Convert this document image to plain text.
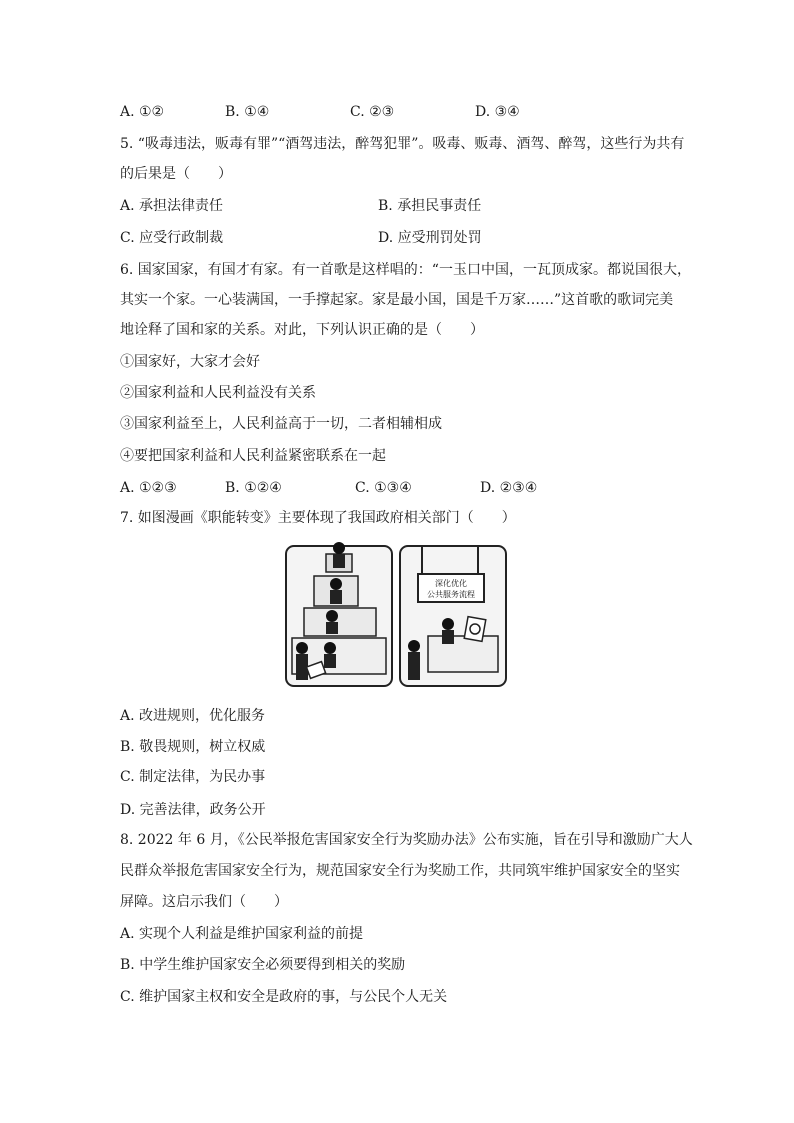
A. ①②	B. ①④	C. ②③	D. ③④
5. “吸毒违法，贩毒有罪”“酒驾违法，醉驾犯罪”。吸毒、贩毒、酒驾、醉驾，这些行为共有
的后果是（　　）
A. 承担法律责任	B. 承担民事责任
C. 应受行政制裁	D. 应受刑罚处罚
6. 国家国家，有国才有家。有一首歌是这样唱的：“一玉口中国，一瓦顶成家。都说国很大，
其实一个家。一心装满国，一手撑起家。家是最小国，国是千万家……”这首歌的歌词完美
地诠释了国和家的关系。对此，下列认识正确的是（　　）
①国家好，大家才会好
②国家利益和人民利益没有关系
③国家利益至上，人民利益高于一切，二者相辅相成
④要把国家利益和人民利益紧密联系在一起
A. ①②③	B. ①②④	C. ①③④	D. ②③④
7. 如图漫画《职能转变》主要体现了我国政府相关部门（　　）
深化优化
公共服务流程
A. 改进规则，优化服务
B. 敬畏规则，树立权威
C. 制定法律，为民办事
D. 完善法律，政务公开
8. 2022 年 6 月，《公民举报危害国家安全行为奖励办法》公布实施，旨在引导和激励广大人
民群众举报危害国家安全行为，规范国家安全行为奖励工作，共同筑牢维护国家安全的坚实
屏障。这启示我们（　　）
A. 实现个人利益是维护国家利益的前提
B. 中学生维护国家安全必须要得到相关的奖励
C. 维护国家主权和安全是政府的事，与公民个人无关
